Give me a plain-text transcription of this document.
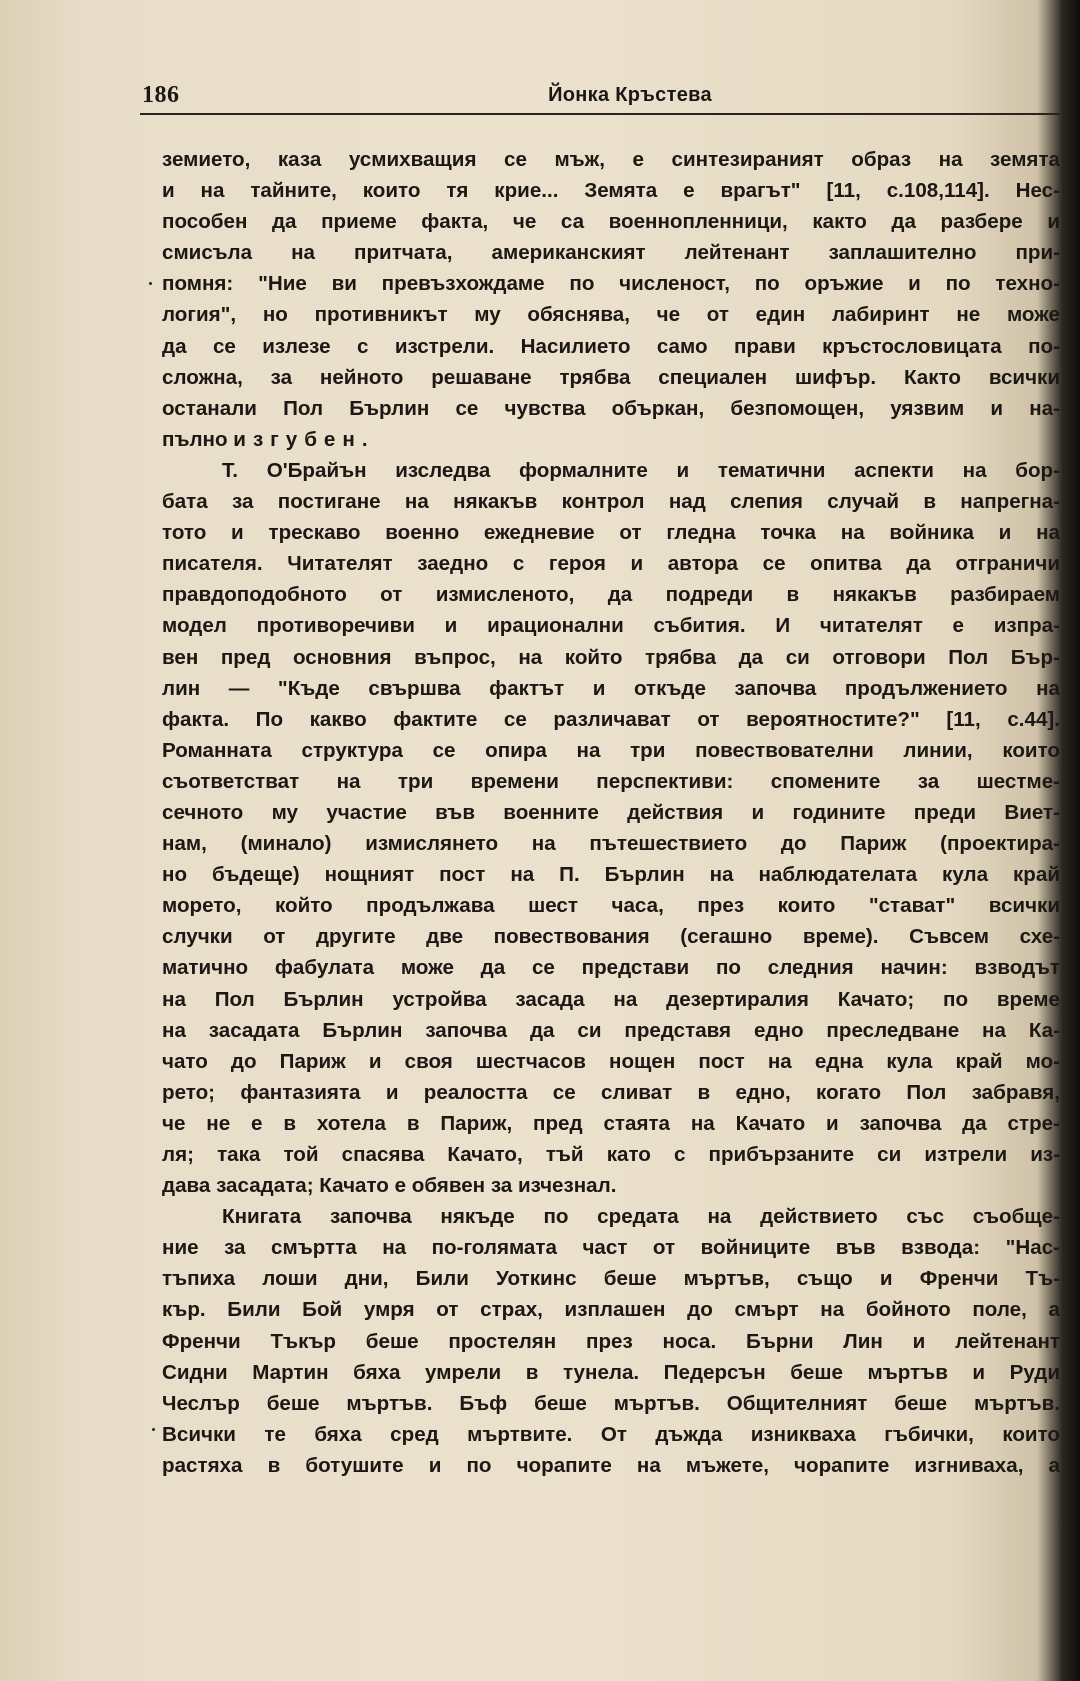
186	Йонка Кръстева
земието, каза усмихващия се мъж, е синтезираният образ на земята
и на тайните, които тя крие... Земята е врагът" [11, с.108,114]. Нес-
пособен да приеме факта, че са военнопленници, както да разбере и
смисъла на притчата, американският лейтенант заплашително при-
помня: "Ние ви превъзхождаме по численост, по оръжие и по техно-
логия", но противникът му обяснява, че от един лабиринт не може
да се излезе с изстрели. Насилието само прави кръстословицата по-
сложна, за нейното решаване трябва специален шифър. Както всички
останали Пол Бърлин се чувства объркан, безпомощен, уязвим и на-
пълно изгубен.
Т. О'Брайън изследва формалните и тематични аспекти на бор-
бата за постигане на някакъв контрол над слепия случай в напрегна-
тото и трескаво военно ежедневие от гледна точка на войника и на
писателя. Читателят заедно с героя и автора се опитва да отграничи
правдоподобното от измисленото, да подреди в някакъв разбираем
модел противоречиви и ирационални събития. И читателят е изпра-
вен пред основния въпрос, на който трябва да си отговори Пол Бър-
лин — "Къде свършва фактът и откъде започва продължението на
факта. По какво фактите се различават от вероятностите?" [11, с.44].
Романната структура се опира на три повествователни линии, които
съответстват на три времени перспективи: спомените за шестме-
сечното му участие във военните действия и годините преди Виет-
нам, (минало) измислянето на пътешествието до Париж (проектира-
но бъдеще) нощният пост на П. Бърлин на наблюдателата кула край
морето, който продължава шест часа, през които "стават" всички
случки от другите две повествования (сегашно време). Съвсем схе-
матично фабулата може да се представи по следния начин: взводът
на Пол Бърлин устройва засада на дезертиралия Качато; по време
на засадата Бърлин започва да си представя едно преследване на Ка-
чато до Париж и своя шестчасов нощен пост на една кула край мо-
рето; фантазията и реалостта се сливат в едно, когато Пол забравя,
че не е в хотела в Париж, пред стаята на Качато и започва да стре-
ля; така той спасява Качато, тъй като с прибързаните си изтрели из-
дава засадата; Качато е обявен за изчезнал.
Книгата започва някъде по средата на действието със съобще-
ние за смъртта на по-голямата част от войниците във взвода: "Нас-
тъпиха лоши дни, Били Уоткинс беше мъртъв, също и Френчи Тъ-
кър. Били Бой умря от страх, изплашен до смърт на бойното поле, а
Френчи Тъкър беше простелян през носа. Бърни Лин и лейтенант
Сидни Мартин бяха умрели в тунела. Педерсън беше мъртъв и Руди
Чеслър беше мъртъв. Бъф беше мъртъв. Общителният беше мъртъв.
Всички те бяха сред мъртвите. От дъжда изникваха гъбички, които
растяха в ботушите и по чорапите на мъжете, чорапите изгниваха, а
